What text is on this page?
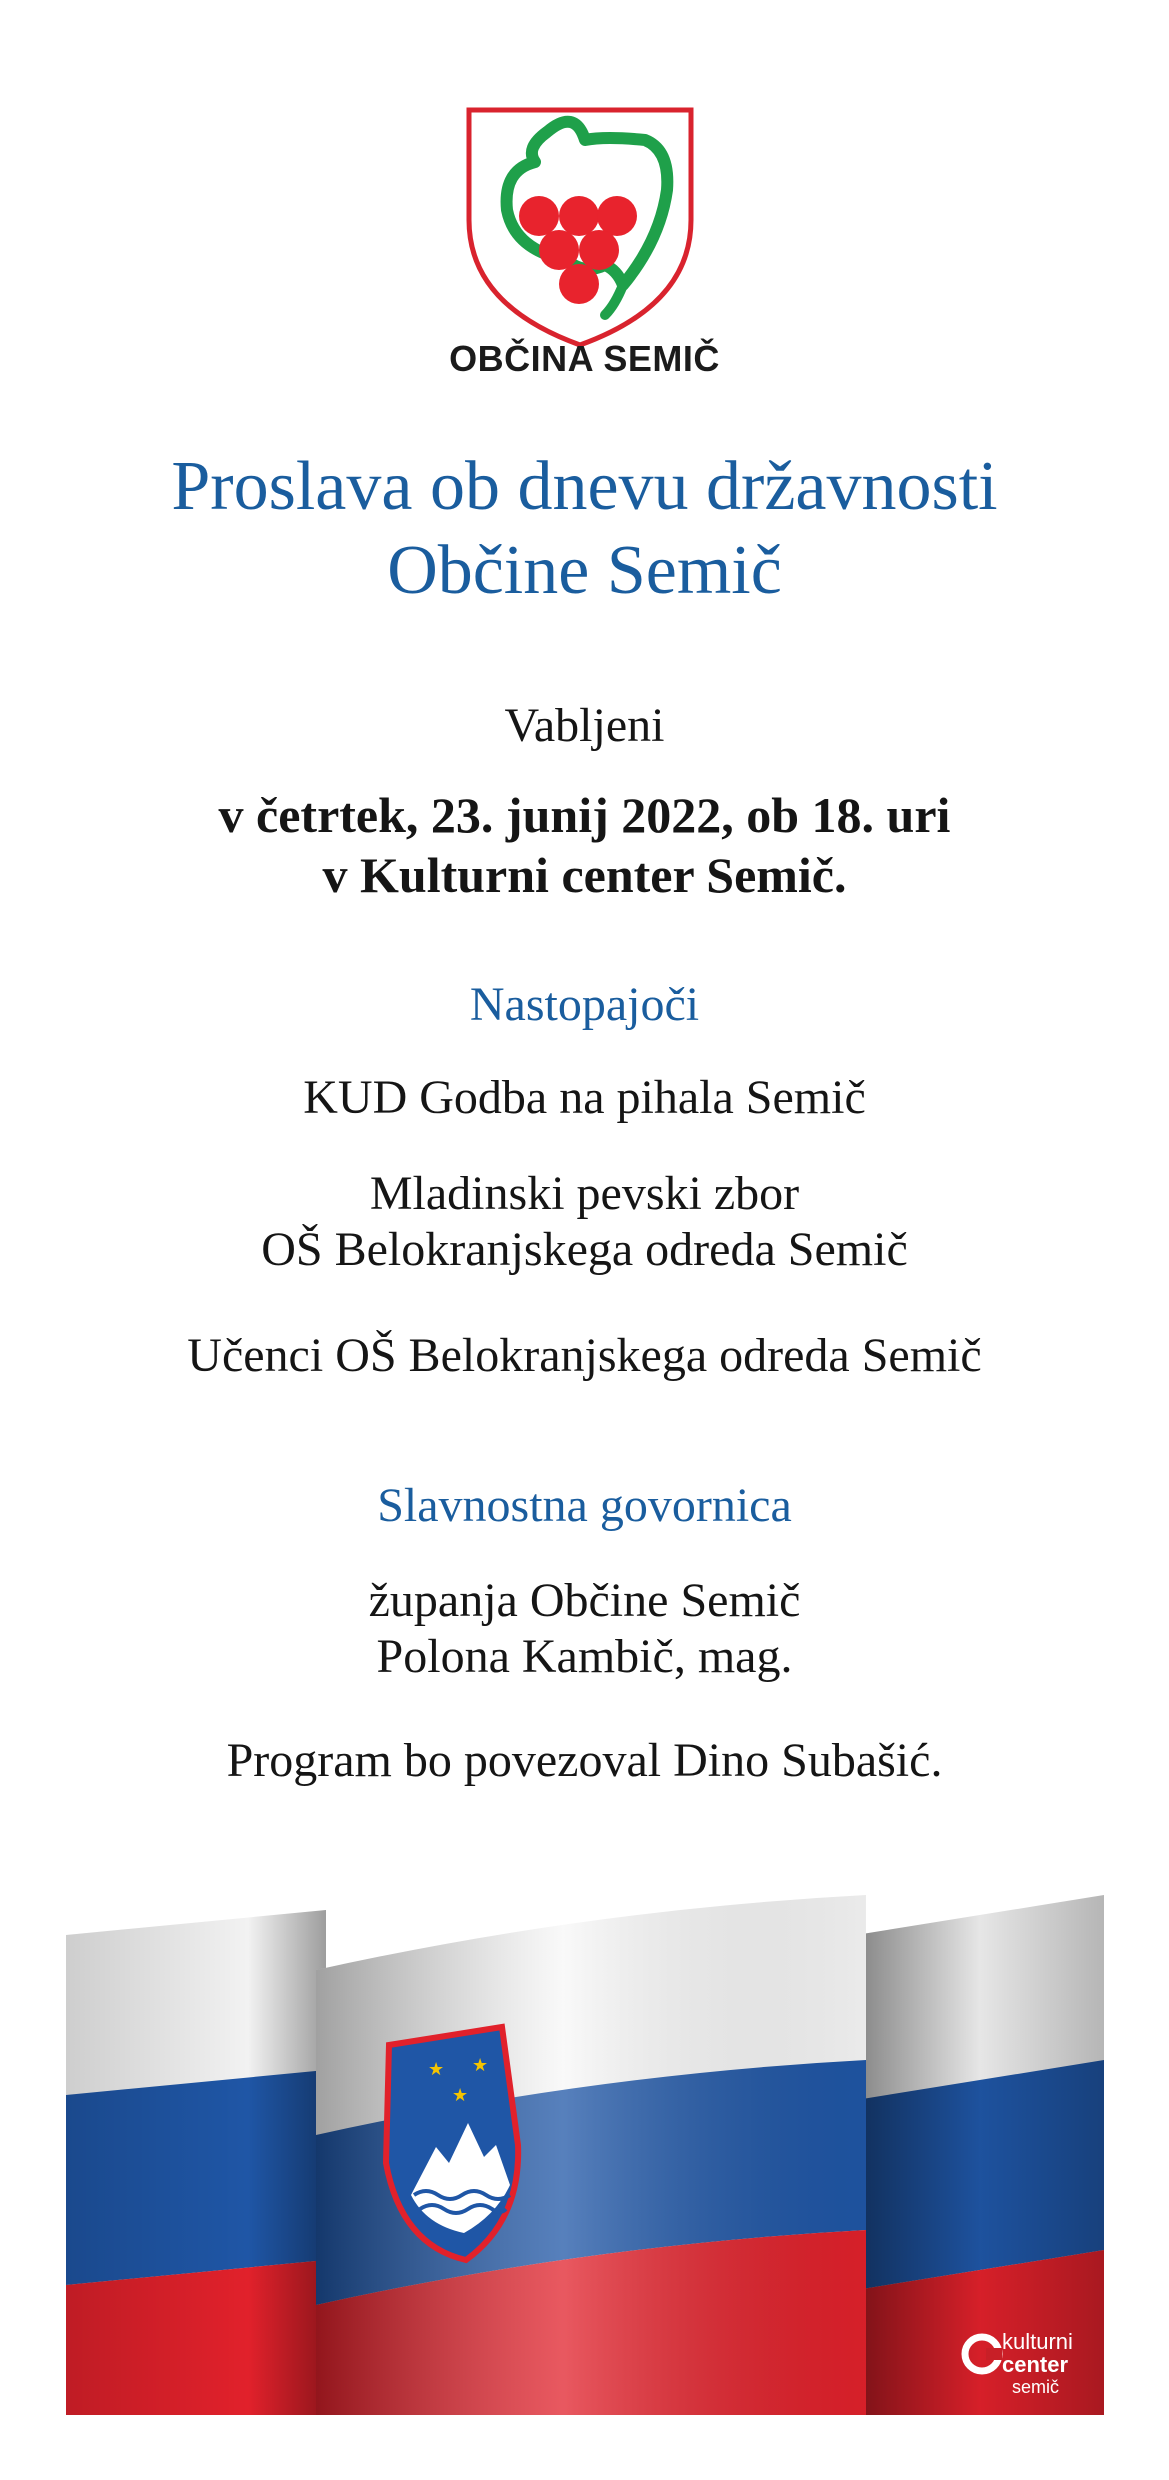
OBČINA SEMIČ
Proslava ob dnevu državnosti
Občine Semič
Vabljeni
v četrtek, 23. junij 2022, ob 18. uri
v Kulturni center Semič.
Nastopajoči
KUD Godba na pihala Semič
Mladinski pevski zbor
OŠ Belokranjskega odreda Semič
Učenci OŠ Belokranjskega odreda Semič
Slavnostna govornica
županja Občine Semič
Polona Kambič, mag.
Program bo povezoval Dino Subašić.
★ ★
★
kulturni
center
semič
